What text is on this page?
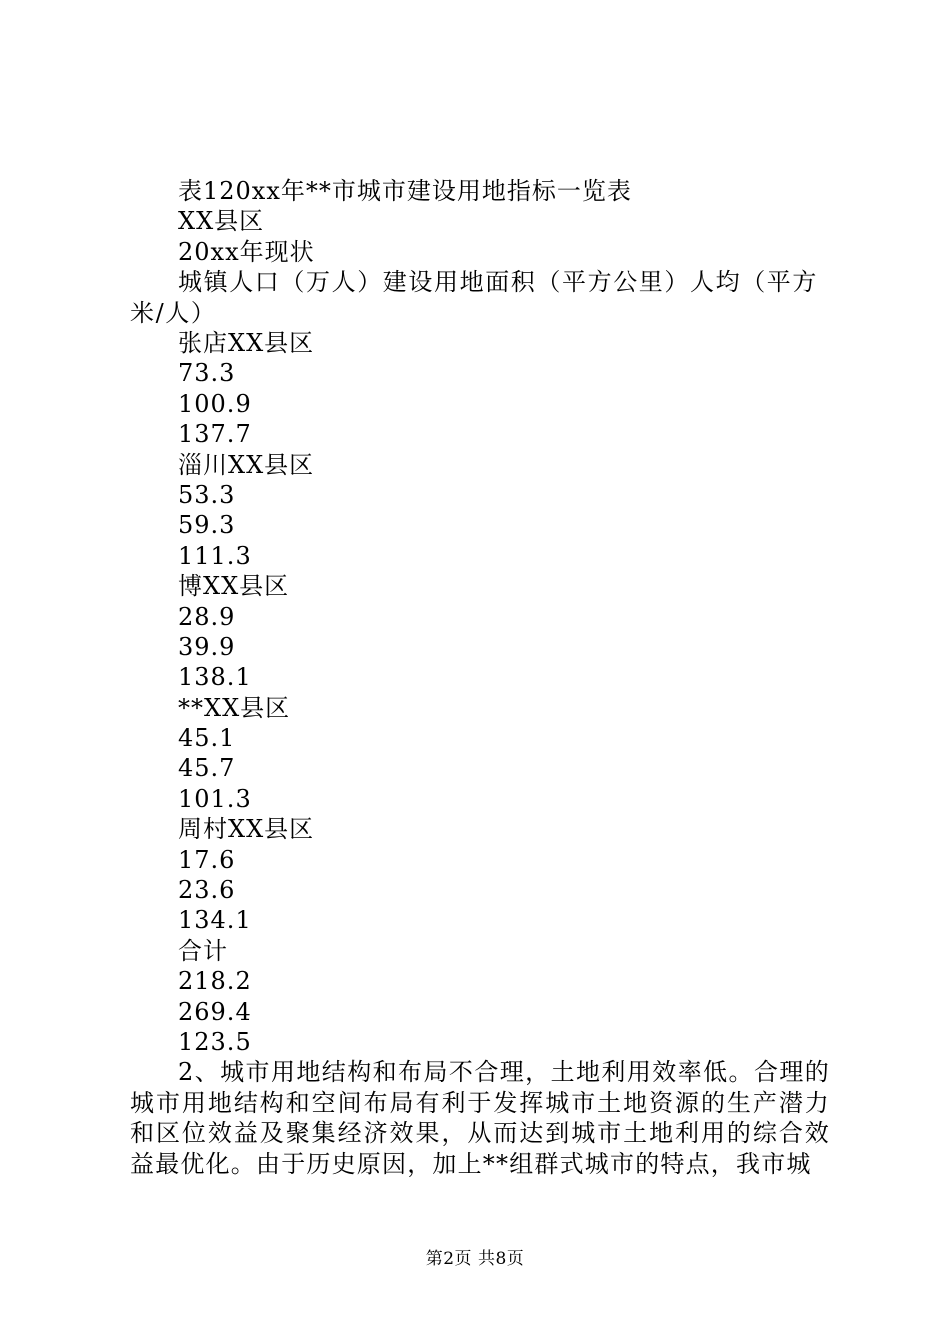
表120xx年**市城市建设用地指标一览表
XX县区
20xx年现状

城镇人口（万人）建设用地面积（平方公里）人均（平方米/人）

张店XX县区
73.3
100.9
137.7
淄川XX县区
53.3
59.3
111.3
博XX县区
28.9
39.9
138.1
**XX县区
45.1
45.7
101.3
周村XX县区
17.6
23.6
134.1
合计
218.2
269.4
123.5

2、城市用地结构和布局不合理，土地利用效率低。合理的城市用地结构和空间布局有利于发挥城市土地资源的生产潜力和区位效益及聚集经济效果，从而达到城市土地利用的综合效益最优化。由于历史原因，加上**组群式城市的特点，我市城

第2页 共8页
